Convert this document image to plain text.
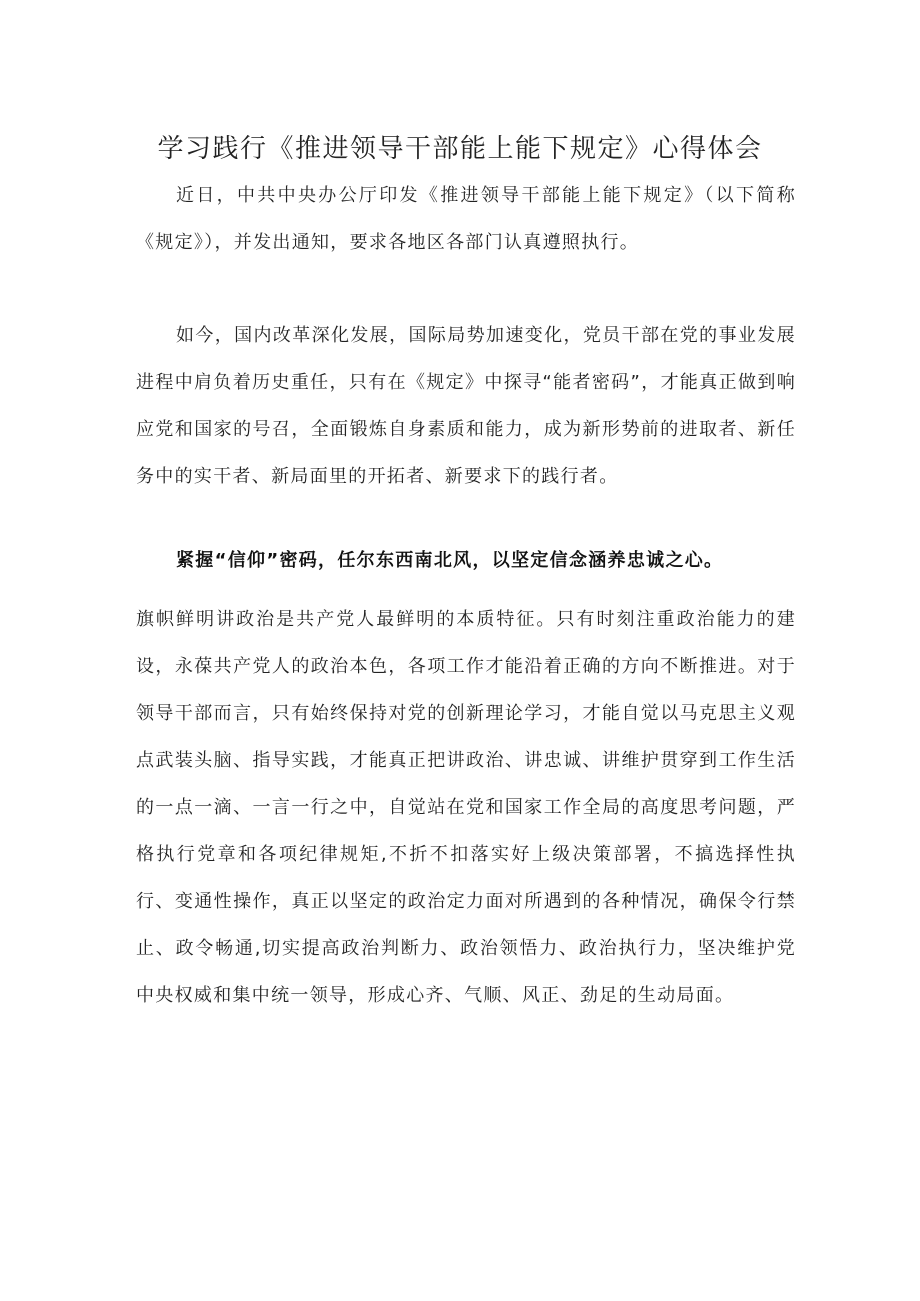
学习践行《推进领导干部能上能下规定》心得体会

近日，中共中央办公厅印发《推进领导干部能上能下规定》（以下简称《规定》），并发出通知，要求各地区各部门认真遵照执行。

如今，国内改革深化发展，国际局势加速变化，党员干部在党的事业发展进程中肩负着历史重任，只有在《规定》中探寻“能者密码”，才能真正做到响应党和国家的号召，全面锻炼自身素质和能力，成为新形势前的进取者、新任务中的实干者、新局面里的开拓者、新要求下的践行者。

紧握“信仰”密码，任尔东西南北风，以坚定信念涵养忠诚之心。

旗帜鲜明讲政治是共产党人最鲜明的本质特征。只有时刻注重政治能力的建设，永葆共产党人的政治本色，各项工作才能沿着正确的方向不断推进。对于领导干部而言，只有始终保持对党的创新理论学习，才能自觉以马克思主义观点武装头脑、指导实践，才能真正把讲政治、讲忠诚、讲维护贯穿到工作生活的一点一滴、一言一行之中，自觉站在党和国家工作全局的高度思考问题，严格执行党章和各项纪律规矩,不折不扣落实好上级决策部署，不搞选择性执行、变通性操作，真正以坚定的政治定力面对所遇到的各种情况，确保令行禁止、政令畅通,切实提高政治判断力、政治领悟力、政治执行力，坚决维护党中央权威和集中统一领导，形成心齐、气顺、风正、劲足的生动局面。
